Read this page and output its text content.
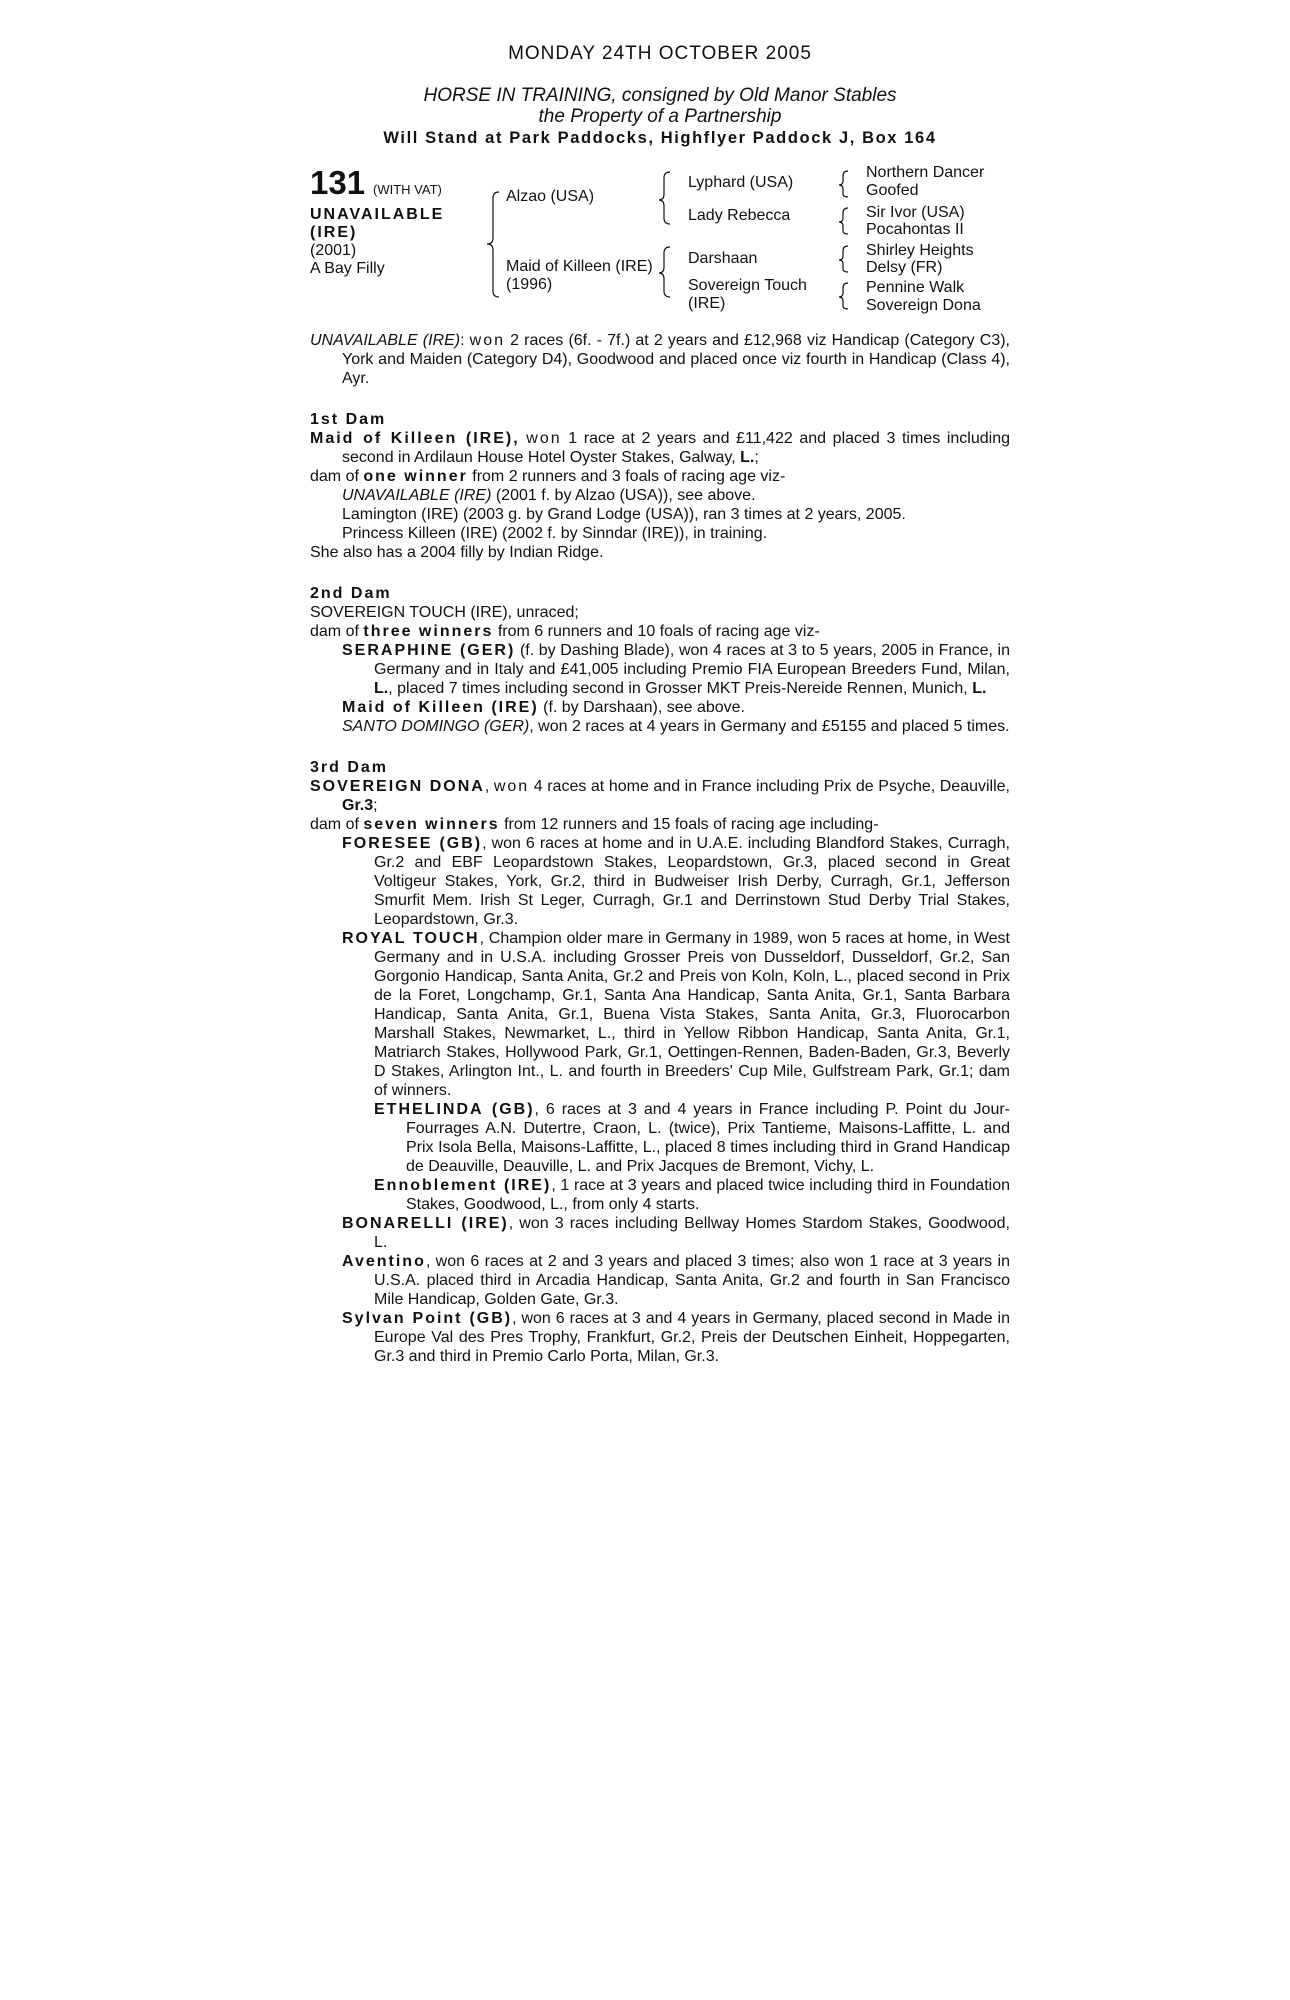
MONDAY 24TH OCTOBER 2005
HORSE IN TRAINING, consigned by Old Manor Stables
the Property of a Partnership
Will Stand at Park Paddocks, Highflyer Paddock J, Box 164
131 (WITH VAT)
UNAVAILABLE
(IRE)
(2001)
A Bay Filly
Alzao (USA)
Maid of Killeen (IRE)
(1996)
Lyphard (USA)
Lady Rebecca
Darshaan
Sovereign Touch
(IRE)
Northern Dancer
Goofed
Sir Ivor (USA)
Pocahontas II
Shirley Heights
Delsy (FR)
Pennine Walk
Sovereign Dona
UNAVAILABLE (IRE): won 2 races (6f. - 7f.) at 2 years and £12,968 viz Handicap (Category C3), York and Maiden (Category D4), Goodwood and placed once viz fourth in Handicap (Class 4), Ayr.
1st Dam
Maid of Killeen (IRE), won 1 race at 2 years and £11,422 and placed 3 times including second in Ardilaun House Hotel Oyster Stakes, Galway, L.;
dam of one winner from 2 runners and 3 foals of racing age viz-
UNAVAILABLE (IRE) (2001 f. by Alzao (USA)), see above.
Lamington (IRE) (2003 g. by Grand Lodge (USA)), ran 3 times at 2 years, 2005.
Princess Killeen (IRE) (2002 f. by Sinndar (IRE)), in training.
She also has a 2004 filly by Indian Ridge.
2nd Dam
SOVEREIGN TOUCH (IRE), unraced;
dam of three winners from 6 runners and 10 foals of racing age viz-
SERAPHINE (GER) (f. by Dashing Blade), won 4 races at 3 to 5 years, 2005 in France, in Germany and in Italy and £41,005 including Premio FIA European Breeders Fund, Milan, L., placed 7 times including second in Grosser MKT Preis-Nereide Rennen, Munich, L.
Maid of Killeen (IRE) (f. by Darshaan), see above.
SANTO DOMINGO (GER), won 2 races at 4 years in Germany and £5155 and placed 5 times.
3rd Dam
SOVEREIGN DONA, won 4 races at home and in France including Prix de Psyche, Deauville, Gr.3;
dam of seven winners from 12 runners and 15 foals of racing age including-
FORESEE (GB), won 6 races at home and in U.A.E. including Blandford Stakes, Curragh, Gr.2 and EBF Leopardstown Stakes, Leopardstown, Gr.3, placed second in Great Voltigeur Stakes, York, Gr.2, third in Budweiser Irish Derby, Curragh, Gr.1, Jefferson Smurfit Mem. Irish St Leger, Curragh, Gr.1 and Derrinstown Stud Derby Trial Stakes, Leopardstown, Gr.3.
ROYAL TOUCH, Champion older mare in Germany in 1989, won 5 races at home, in West Germany and in U.S.A. including Grosser Preis von Dusseldorf, Dusseldorf, Gr.2, San Gorgonio Handicap, Santa Anita, Gr.2 and Preis von Koln, Koln, L., placed second in Prix de la Foret, Longchamp, Gr.1, Santa Ana Handicap, Santa Anita, Gr.1, Santa Barbara Handicap, Santa Anita, Gr.1, Buena Vista Stakes, Santa Anita, Gr.3, Fluorocarbon Marshall Stakes, Newmarket, L., third in Yellow Ribbon Handicap, Santa Anita, Gr.1, Matriarch Stakes, Hollywood Park, Gr.1, Oettingen-Rennen, Baden-Baden, Gr.3, Beverly D Stakes, Arlington Int., L. and fourth in Breeders' Cup Mile, Gulfstream Park, Gr.1; dam of winners.
ETHELINDA (GB), 6 races at 3 and 4 years in France including P. Point du Jour-Fourrages A.N. Dutertre, Craon, L. (twice), Prix Tantieme, Maisons-Laffitte, L. and Prix Isola Bella, Maisons-Laffitte, L., placed 8 times including third in Grand Handicap de Deauville, Deauville, L. and Prix Jacques de Bremont, Vichy, L.
Ennoblement (IRE), 1 race at 3 years and placed twice including third in Foundation Stakes, Goodwood, L., from only 4 starts.
BONARELLI (IRE), won 3 races including Bellway Homes Stardom Stakes, Goodwood, L.
Aventino, won 6 races at 2 and 3 years and placed 3 times; also won 1 race at 3 years in U.S.A. placed third in Arcadia Handicap, Santa Anita, Gr.2 and fourth in San Francisco Mile Handicap, Golden Gate, Gr.3.
Sylvan Point (GB), won 6 races at 3 and 4 years in Germany, placed second in Made in Europe Val des Pres Trophy, Frankfurt, Gr.2, Preis der Deutschen Einheit, Hoppegarten, Gr.3 and third in Premio Carlo Porta, Milan, Gr.3.
